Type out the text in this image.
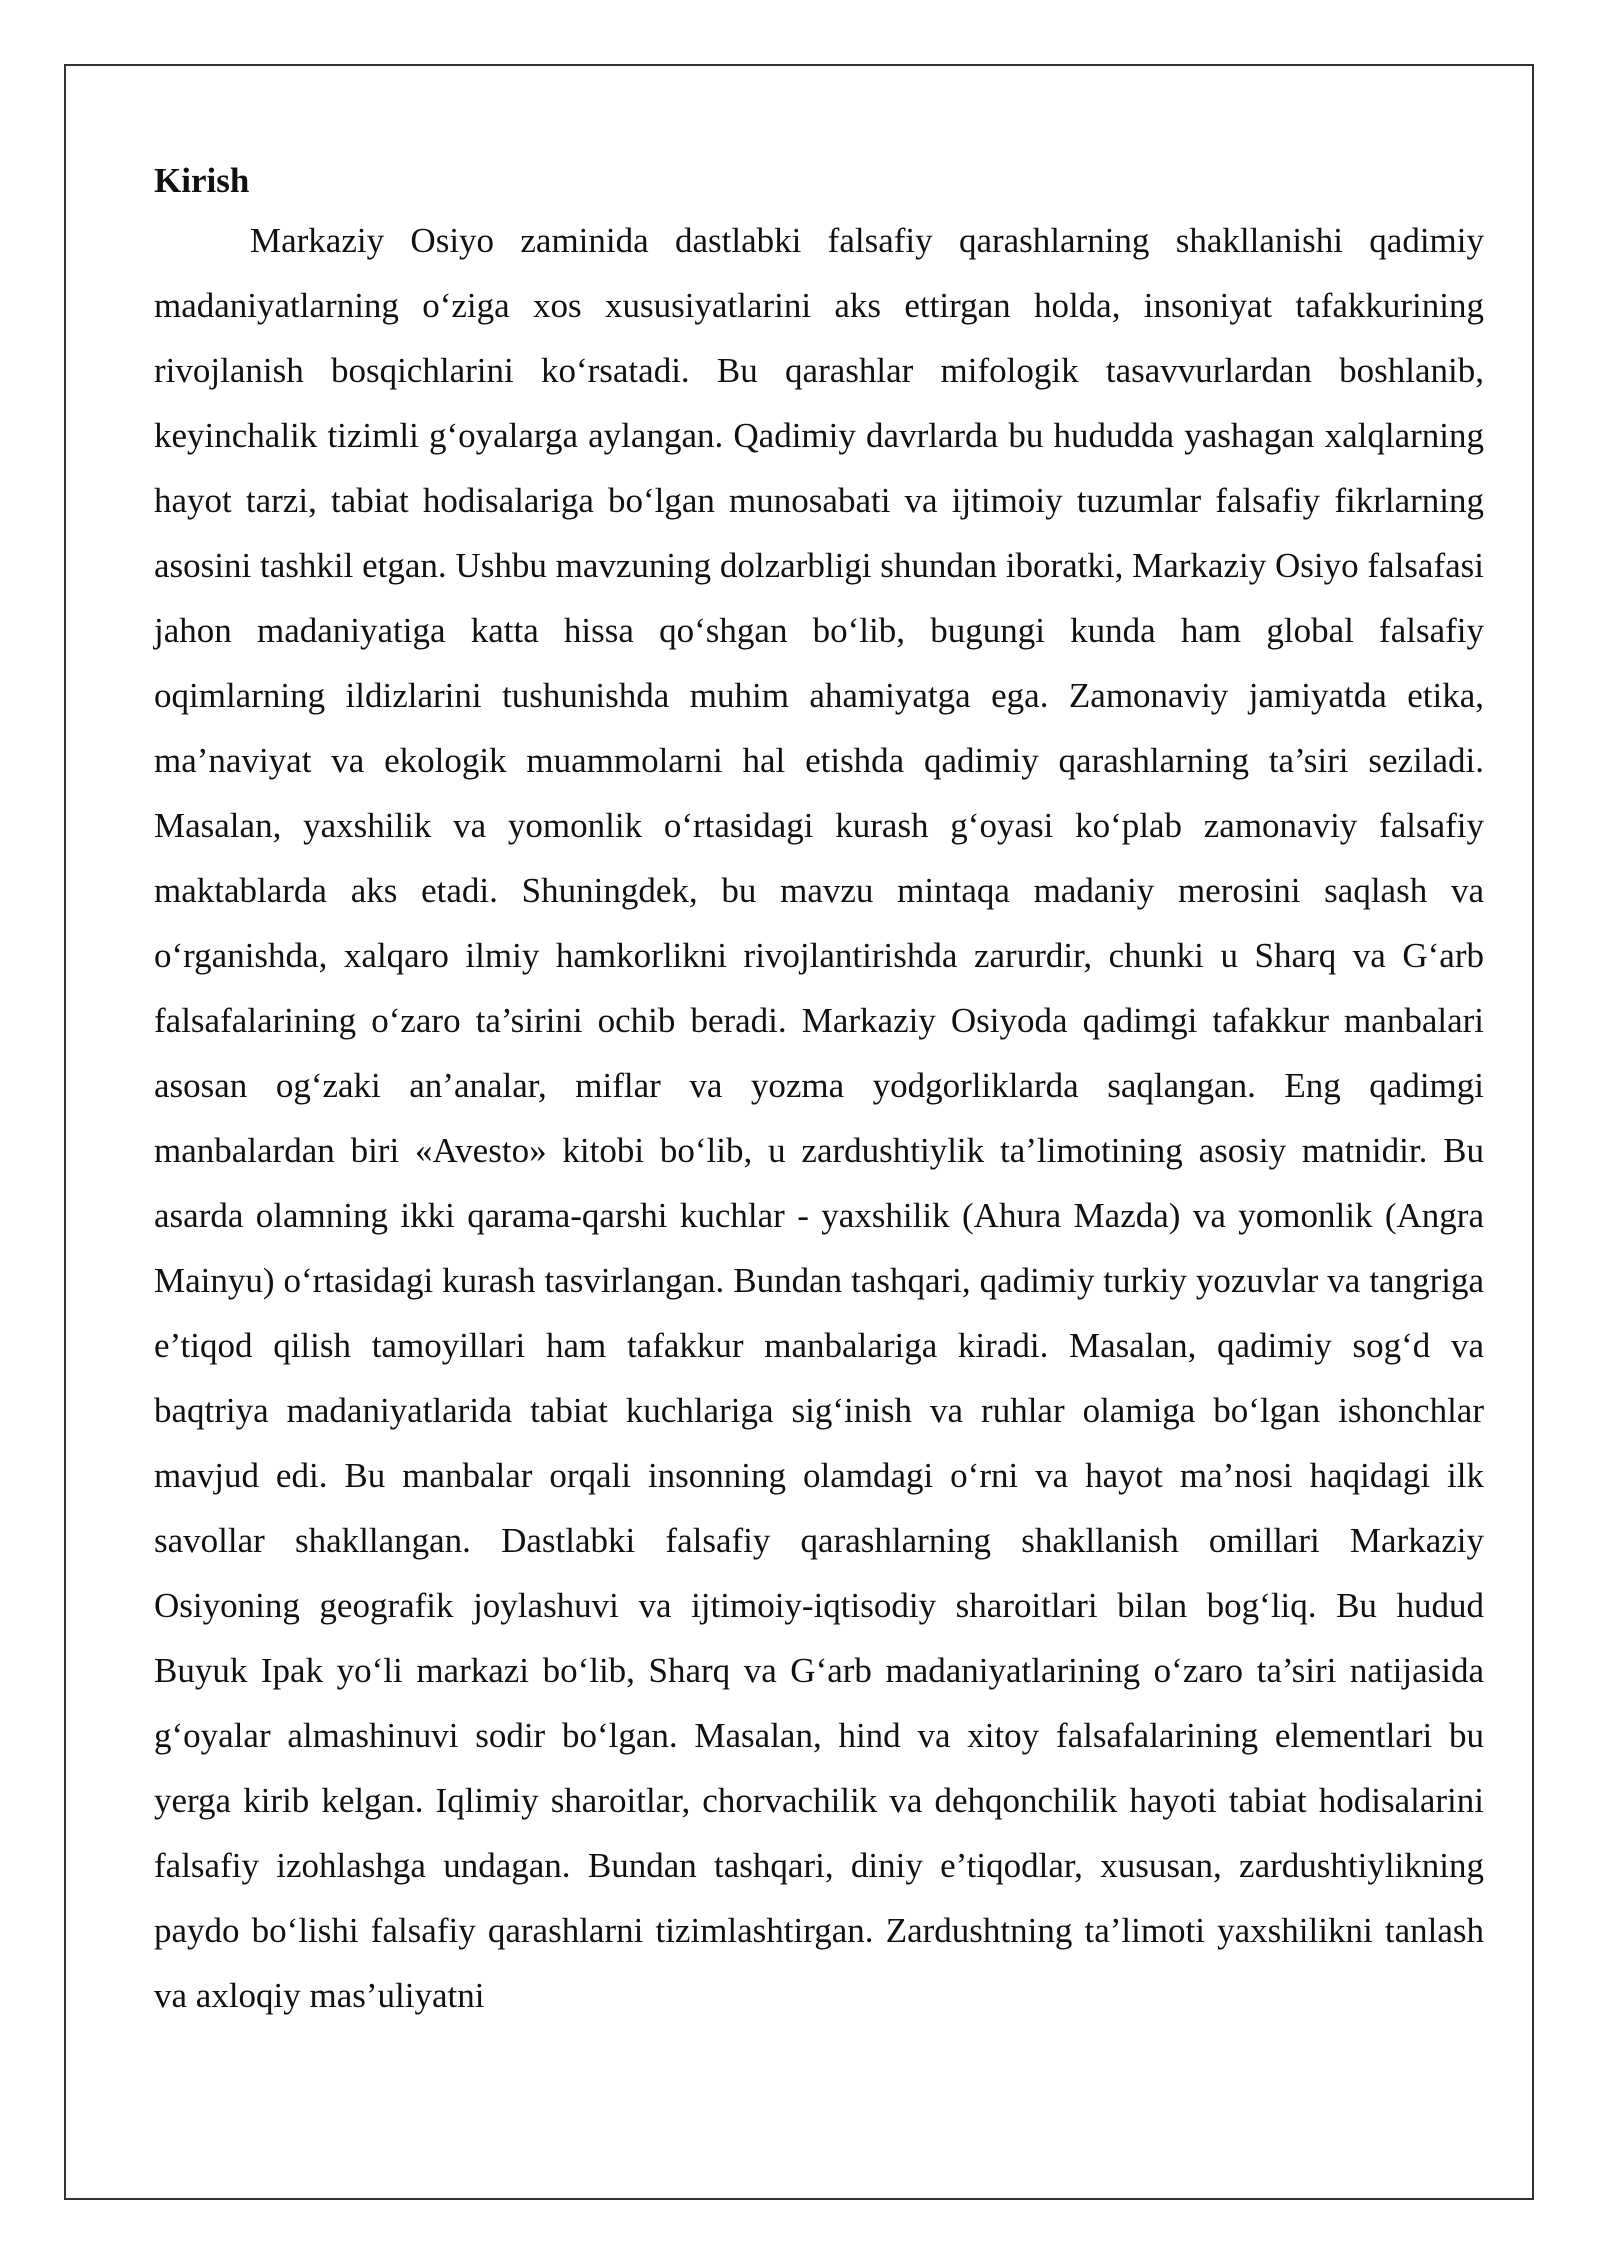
Kirish

Markaziy Osiyo zaminida dastlabki falsafiy qarashlarning shakllanishi qadimiy madaniyatlarning o‘ziga xos xususiyatlarini aks ettirgan holda, insoniyat tafakkurining rivojlanish bosqichlarini ko‘rsatadi. Bu qarashlar mifologik tasavvurlardan boshlanib, keyinchalik tizimli g‘oyalarga aylangan. Qadimiy davrlarda bu hududda yashagan xalqlarning hayot tarzi, tabiat hodisalariga bo‘lgan munosabati va ijtimoiy tuzumlar falsafiy fikrlarning asosini tashkil etgan. Ushbu mavzuning dolzarbligi shundan iboratki, Markaziy Osiyo falsafasi jahon madaniyatiga katta hissa qo‘shgan bo‘lib, bugungi kunda ham global falsafiy oqimlarning ildizlarini tushunishda muhim ahamiyatga ega. Zamonaviy jamiyatda etika, ma’naviyat va ekologik muammolarni hal etishda qadimiy qarashlarning ta’siri seziladi. Masalan, yaxshilik va yomonlik o‘rtasidagi kurash g‘oyasi ko‘plab zamonaviy falsafiy maktablarda aks etadi. Shuningdek, bu mavzu mintaqa madaniy merosini saqlash va o‘rganishda, xalqaro ilmiy hamkorlikni rivojlantirishda zarurdir, chunki u Sharq va G‘arb falsafalarining o‘zaro ta’sirini ochib beradi. Markaziy Osiyoda qadimgi tafakkur manbalari asosan og‘zaki an’analar, miflar va yozma yodgorliklarda saqlangan. Eng qadimgi manbalardan biri «Avesto» kitobi bo‘lib, u zardushtiylik ta’limotining asosiy matnidir. Bu asarda olamning ikki qarama-qarshi kuchlar - yaxshilik (Ahura Mazda) va yomonlik (Angra Mainyu) o‘rtasidagi kurash tasvirlangan. Bundan tashqari, qadimiy turkiy yozuvlar va tangriga e’tiqod qilish tamoyillari ham tafakkur manbalariga kiradi. Masalan, qadimiy sog‘d va baqtriya madaniyatlarida tabiat kuchlariga sig‘inish va ruhlar olamiga bo‘lgan ishonchlar mavjud edi. Bu manbalar orqali insonning olamdagi o‘rni va hayot ma’nosi haqidagi ilk savollar shakllangan. Dastlabki falsafiy qarashlarning shakllanish omillari Markaziy Osiyoning geografik joylashuvi va ijtimoiy-iqtisodiy sharoitlari bilan bog‘liq. Bu hudud Buyuk Ipak yo‘li markazi bo‘lib, Sharq va G‘arb madaniyatlarining o‘zaro ta’siri natijasida g‘oyalar almashinuvi sodir bo‘lgan. Masalan, hind va xitoy falsafalarining elementlari bu yerga kirib kelgan. Iqlimiy sharoitlar, chorvachilik va dehqonchilik hayoti tabiat hodisalarini falsafiy izohlashga undagan. Bundan tashqari, diniy e’tiqodlar, xususan, zardushtiylikning paydo bo‘lishi falsafiy qarashlarni tizimlashtirgan. Zardushtning ta’limoti yaxshilikni tanlash va axloqiy mas’uliyatni
